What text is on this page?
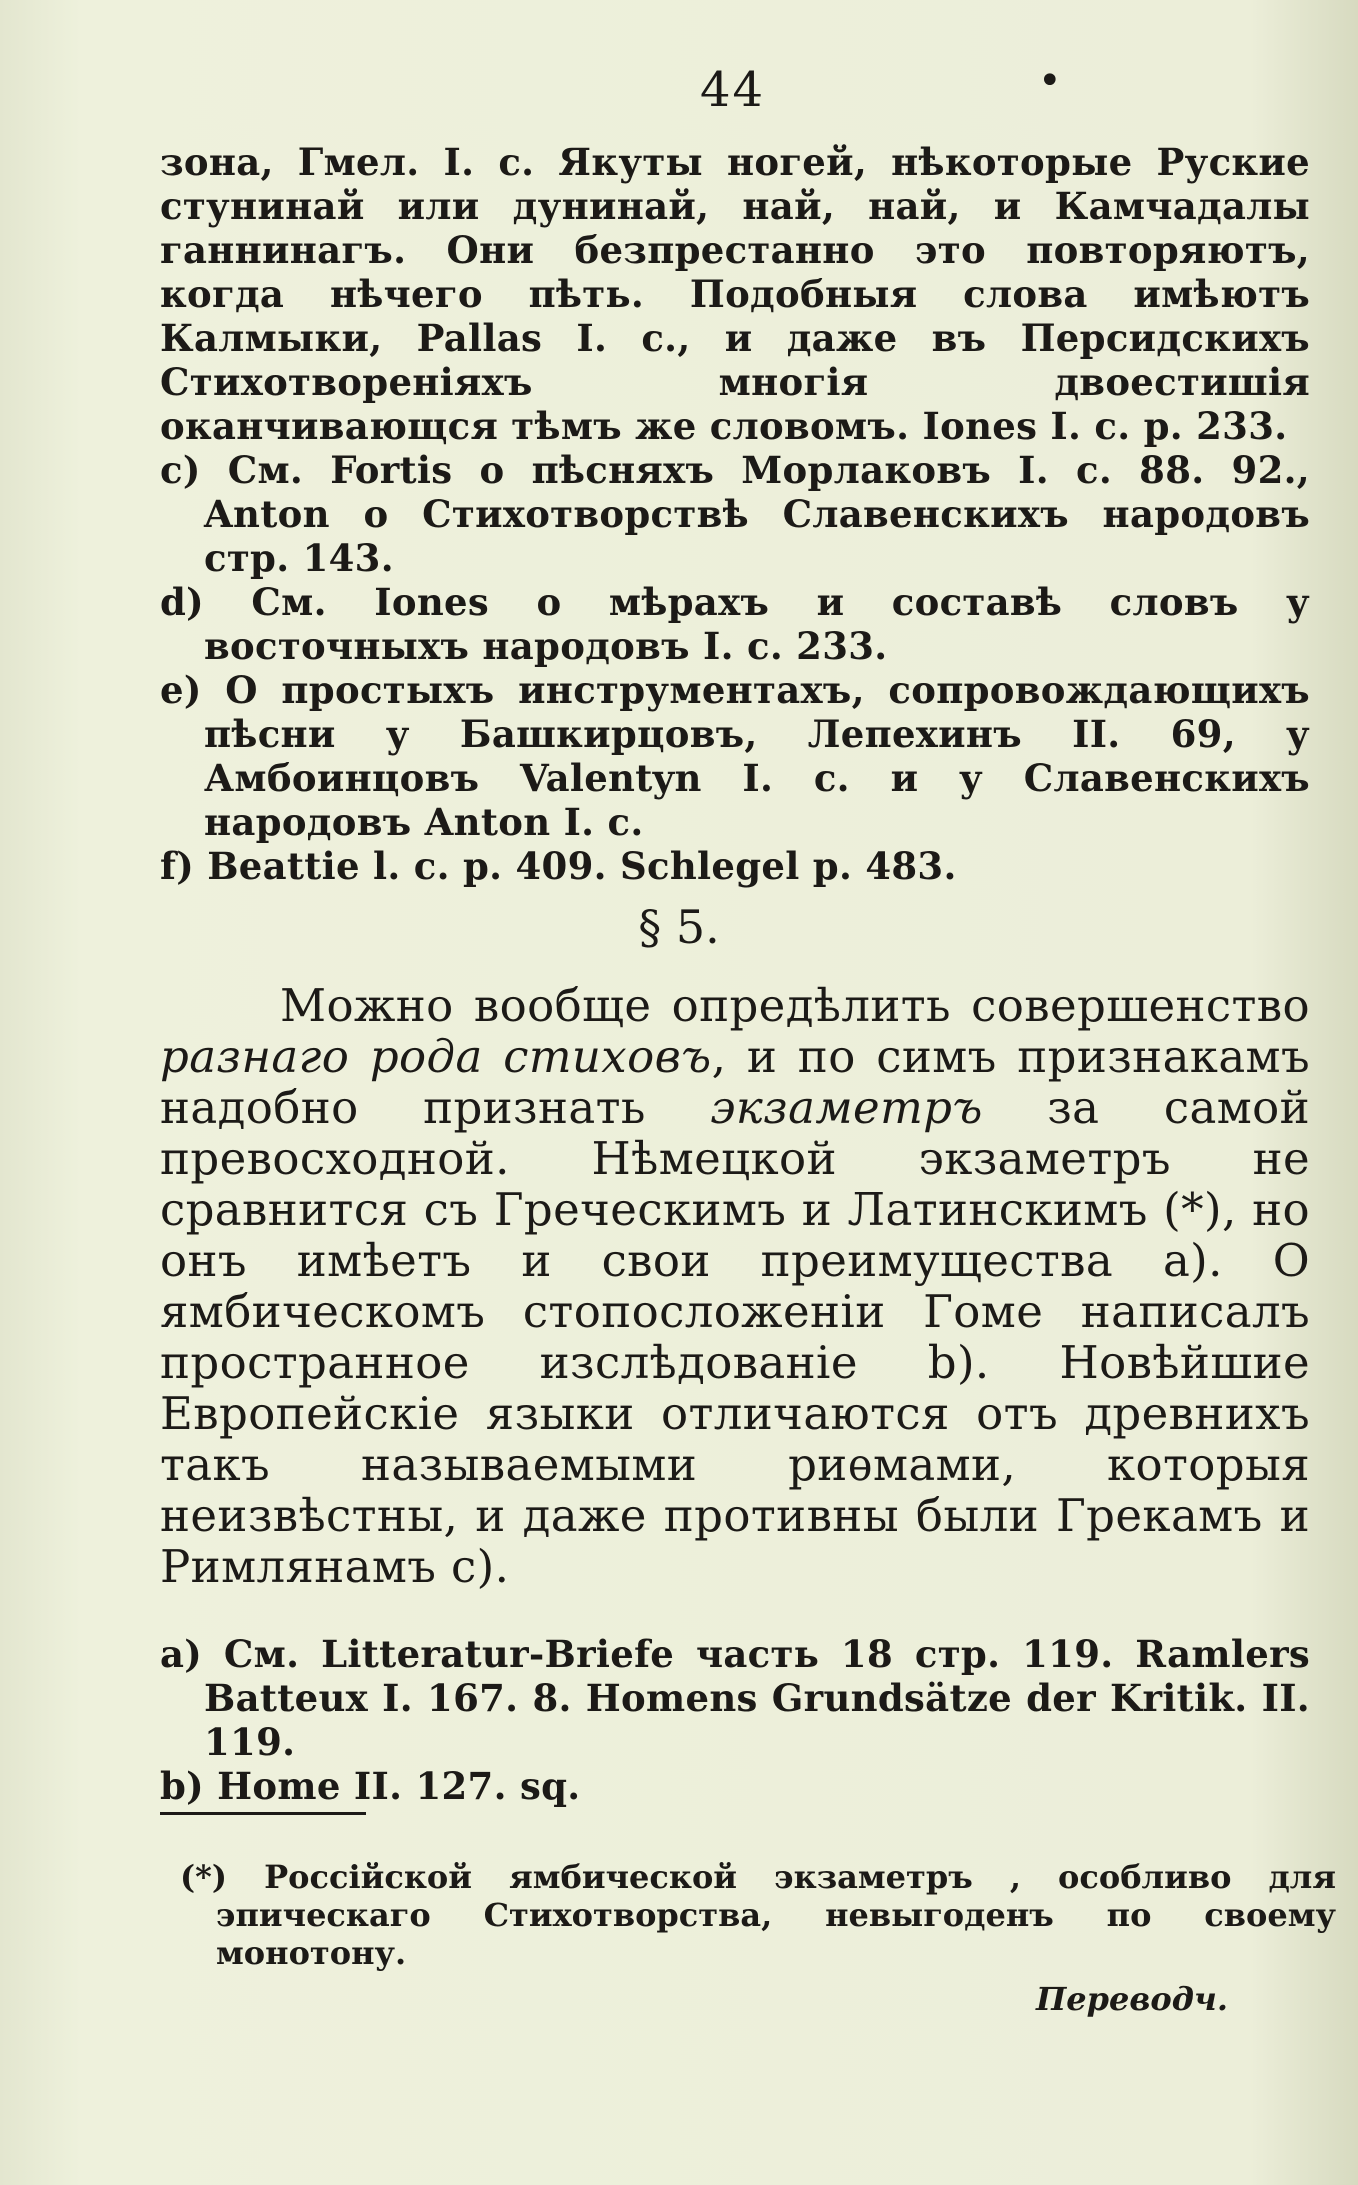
44	•

зона, Гмел. I. с. Якуты ногей, нѣкоторые Руские стунинай или дунинай, най, най, и Камчадалы ганнинагъ. Они безпрестанно это повторяютъ, когда нѣчего пѣть. Подобныя слова имѣютъ Калмыки, Pallas I. с., и даже въ Персидскихъ Стихотвореніяхъ многія двоестишія оканчивающся тѣмъ же словомъ. Iones I. c. p. 233.

c) См. Fortis о пѣсняхъ Морлаковъ I. с. 88. 92., Anton о Стихотворствѣ Славенскихъ народовъ стр. 143.

d) См. Iones о мѣрахъ и составѣ словъ у восточныхъ народовъ I. с. 233.

e) О простыхъ инструментахъ, сопровождающихъ пѣсни у Башкирцовъ, Лепехинъ II. 69, у Амбоинцовъ Valentyn I. c. и у Славенскихъ народовъ Anton I. c.

f) Beattie l. c. p. 409. Schlegel p. 483.

§ 5.

Можно вообще опредѣлить совершенство разнаго рода стиховъ, и по симъ признакамъ надобно признать экзаметръ за самой превосходной. Нѣмецкой экзаметръ не сравнится съ Греческимъ и Латинскимъ (*), но онъ имѣетъ и свои преимущества a). О ямбическомъ стопосложеніи Гоме написалъ пространное изслѣдованіе b). Новѣйшие Европейскіе языки отличаются отъ древнихъ такъ называемыми риѳмами, которыя неизвѣстны, и даже противны были Грекамъ и Римлянамъ c).

a) См. Litteratur-Briefe часть 18 стр. 119. Ramlers Batteux I. 167. 8. Homens Grundsätze der Kritik. II. 119.

b) Home II. 127. sq.

(*) Россійской ямбической экзаметръ , особливо для эпическаго Стихотворства, невыгоденъ по своему монотону.
Переводч.
